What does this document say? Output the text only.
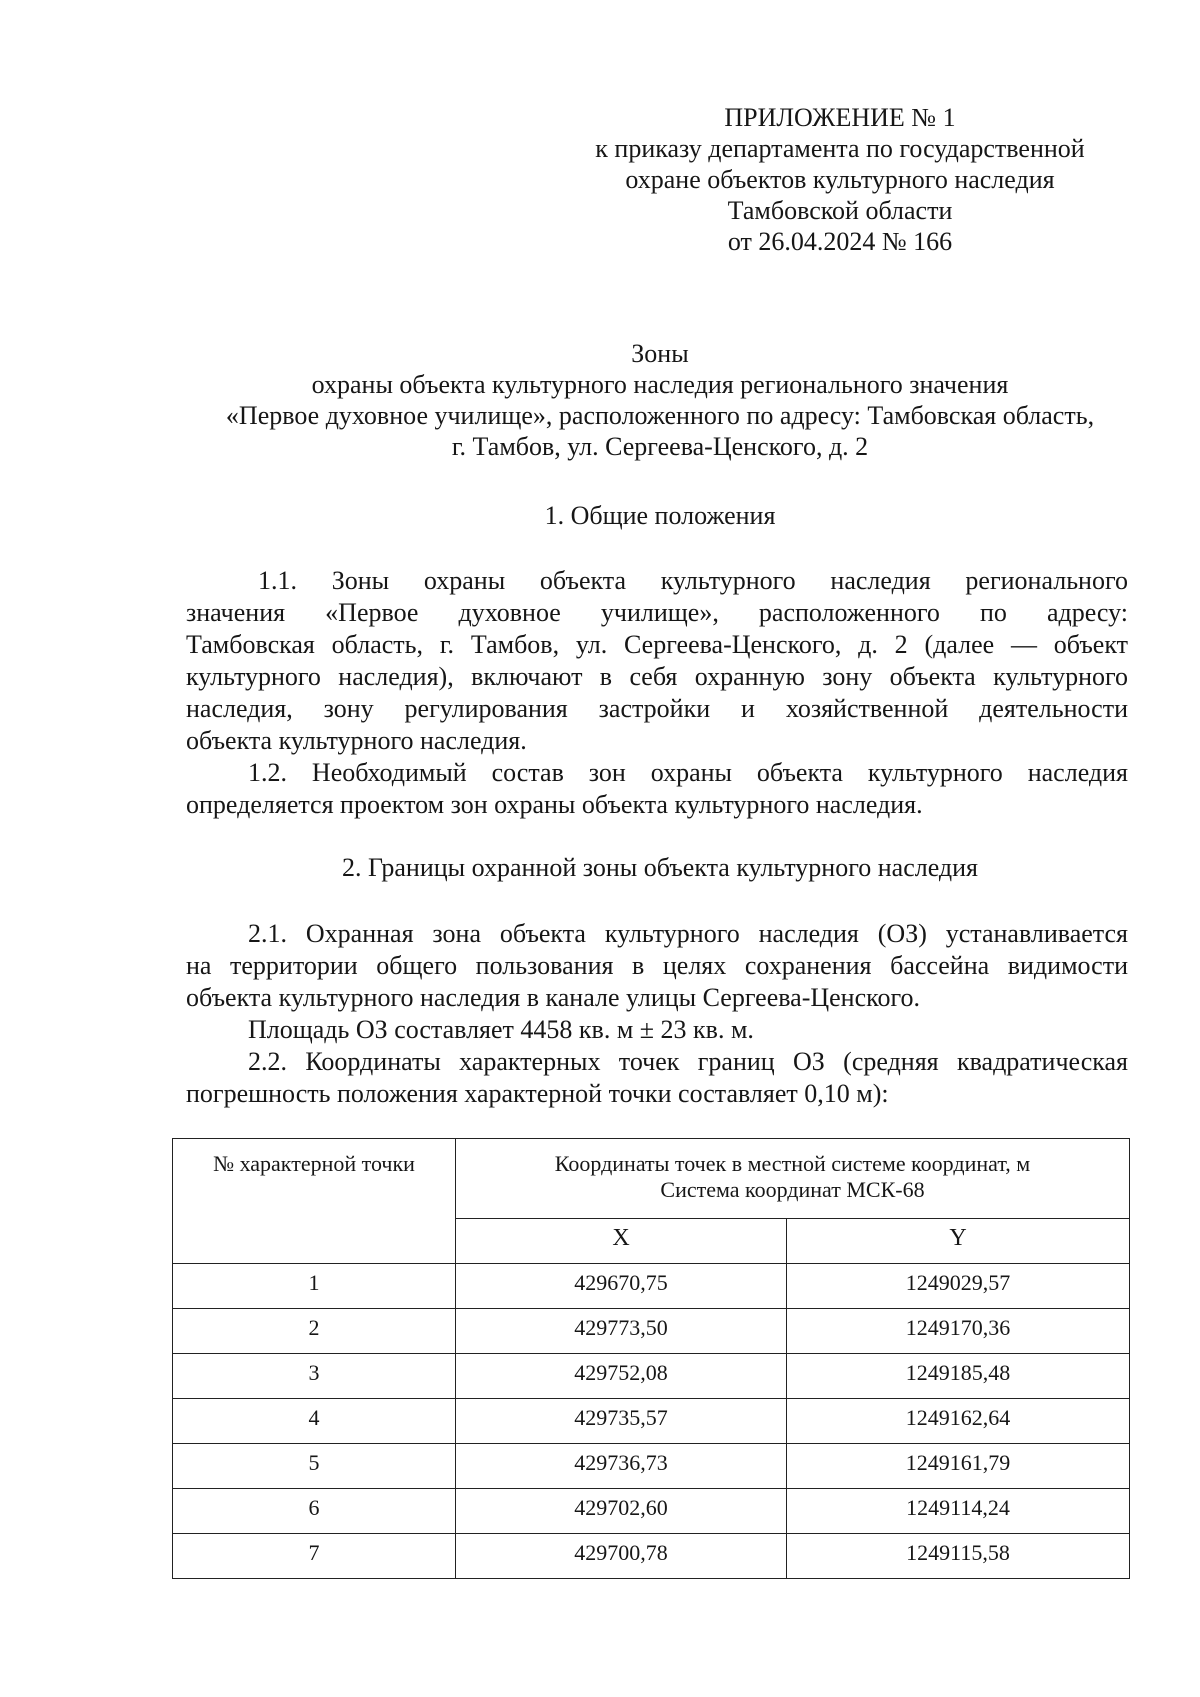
ПРИЛОЖЕНИЕ № 1
к приказу департамента по государственной
охране объектов культурного наследия
Тамбовской области
от 26.04.2024 № 166
Зоны
охраны объекта культурного наследия регионального значения
«Первое духовное училище», расположенного по адресу: Тамбовская область,
г. Тамбов, ул. Сергеева-Ценского, д. 2
1. Общие положения
1.1. Зоны охраны объекта культурного наследия регионального
значения «Первое духовное училище», расположенного по адресу:
Тамбовская область, г. Тамбов, ул. Сергеева-Ценского, д. 2 (далее — объект
культурного наследия), включают в себя охранную зону объекта культурного
наследия, зону регулирования застройки и хозяйственной деятельности
объекта культурного наследия.
1.2. Необходимый состав зон охраны объекта культурного наследия
определяется проектом зон охраны объекта культурного наследия.
2. Границы охранной зоны объекта культурного наследия
2.1. Охранная зона объекта культурного наследия (ОЗ) устанавливается
на территории общего пользования в целях сохранения бассейна видимости
объекта культурного наследия в канале улицы Сергеева-Ценского.
Площадь ОЗ составляет 4458 кв. м ± 23 кв. м.
2.2. Координаты характерных точек границ ОЗ (средняя квадратическая
погрешность положения характерной точки составляет 0,10 м):
№ характерной точки	Координаты точек в местной системе координат, м
Система координат МСК-68	

	Х	Y
1	429670,75	1249029,57
2	429773,50	1249170,36
3	429752,08	1249185,48
4	429735,57	1249162,64
5	429736,73	1249161,79
6	429702,60	1249114,24
7	429700,78	1249115,58
